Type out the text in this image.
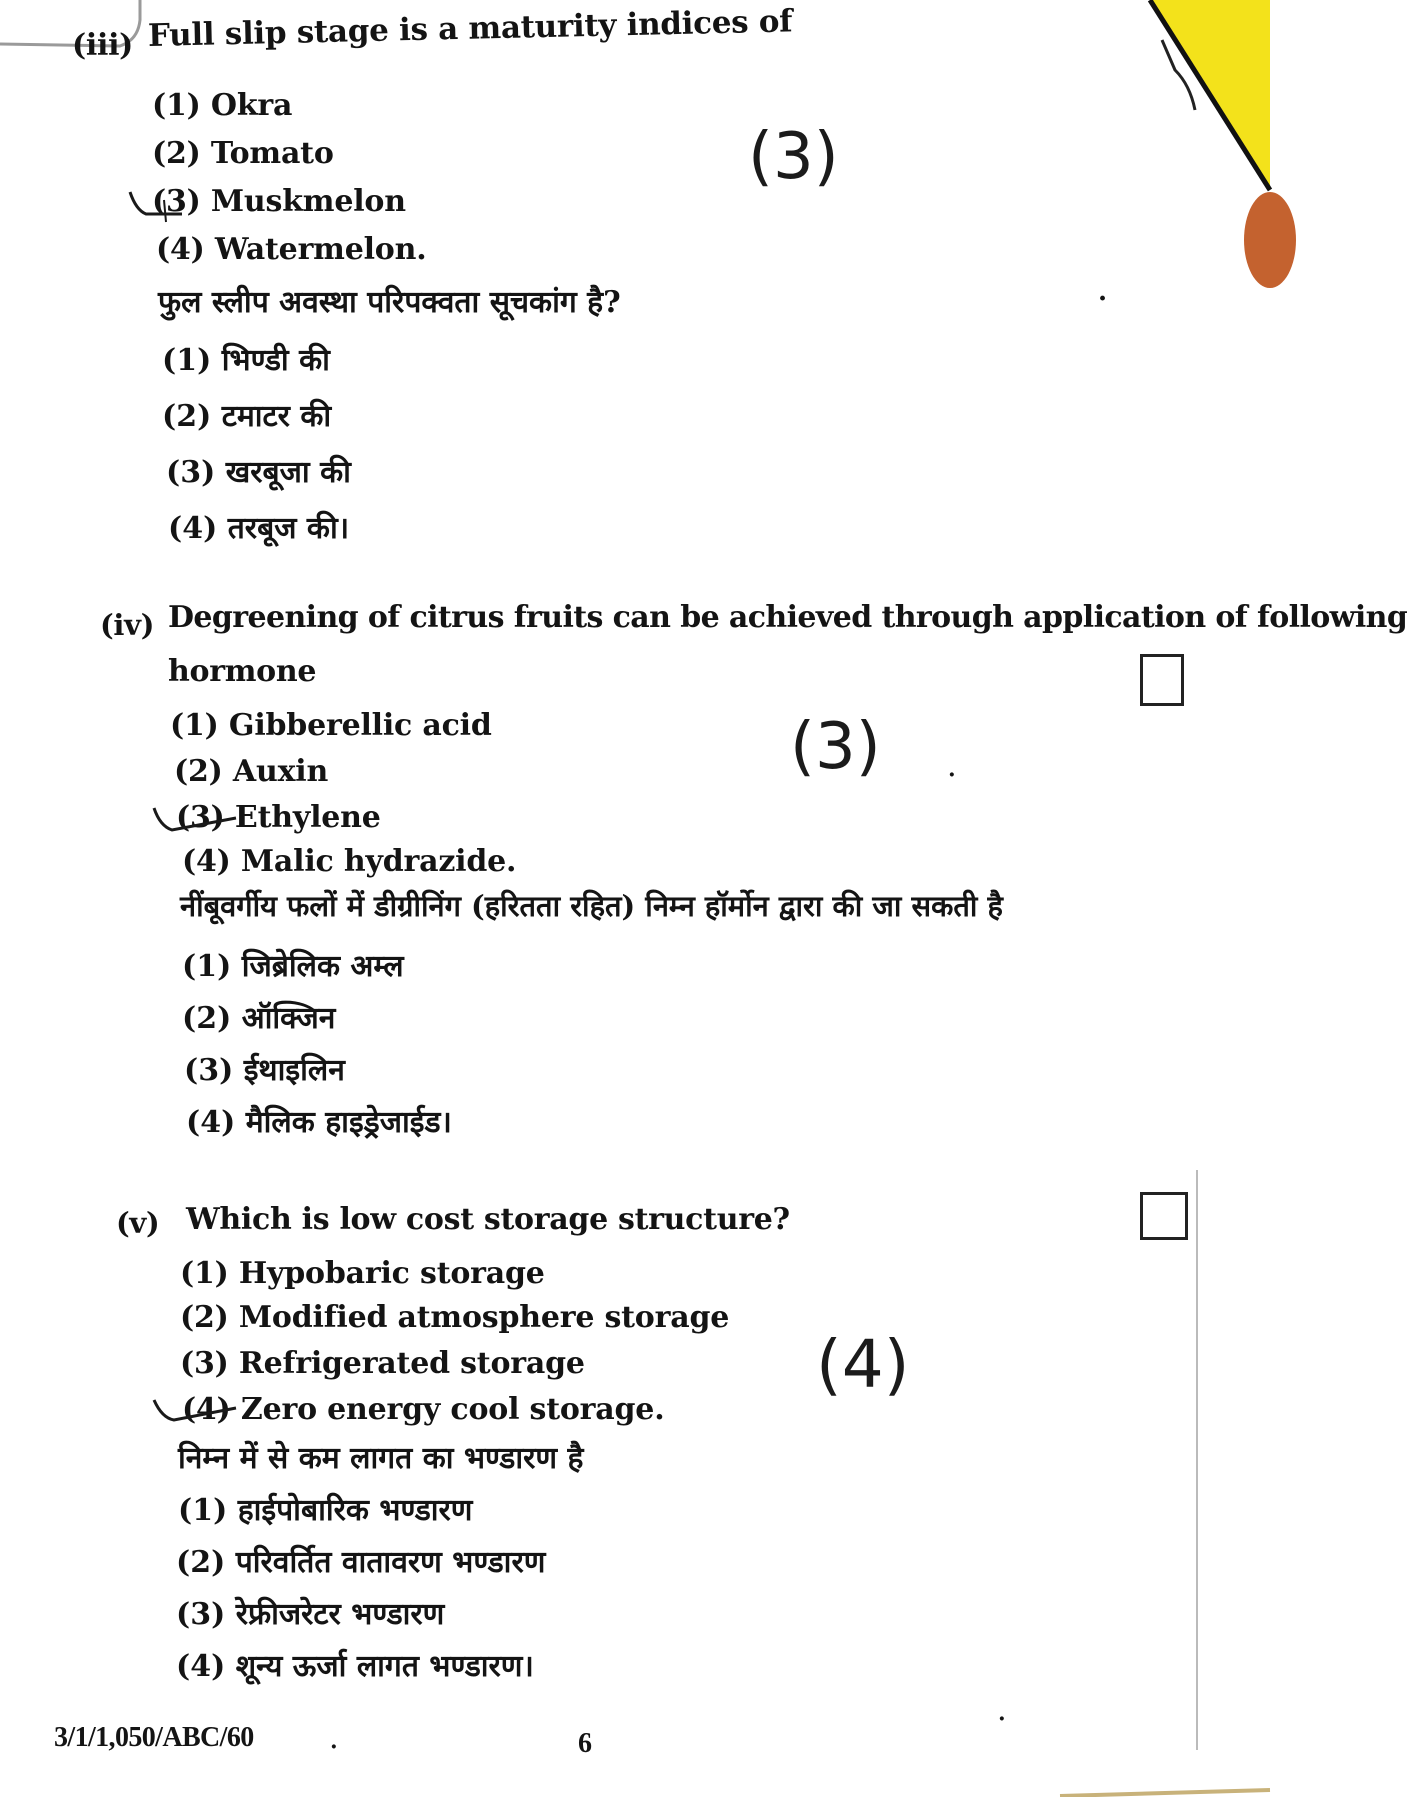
(iii) Full slip stage is a maturity indices of
(1) Okra
(2) Tomato
(3) Muskmelon
(4) Watermelon.
फुल स्लीप अवस्था परिपक्वता सूचकांग है?
(1) भिण्डी की
(2) टमाटर की
(3) खरबूजा की
(4) तरबूज की।
(3)
·
(iv) Degreening of citrus fruits can be achieved through application of following
hormone
(1) Gibberellic acid
(2) Auxin
(3) Ethylene
(4) Malic hydrazide.
(3)	·
नींबूवर्गीय फलों में डीग्रीनिंग (हरितता रहित) निम्न हॉर्मोन द्वारा की जा सकती है
(1) जिब्रेलिक अम्ल
(2) ऑक्जिन
(3) ईथाइलिन
(4) मैलिक हाइड्रेजाईड।
(v) Which is low cost storage structure?
(1) Hypobaric storage
(2) Modified atmosphere storage
(3) Refrigerated storage
(4) Zero energy cool storage.
(4)
निम्न में से कम लागत का भण्डारण है
(1) हाईपोबारिक भण्डारण
(2) परिवर्तित वातावरण भण्डारण
(3) रेफ्रीजरेटर भण्डारण
(4) शून्य ऊर्जा लागत भण्डारण।
3/1/1,050/ABC/60	·	6
·
